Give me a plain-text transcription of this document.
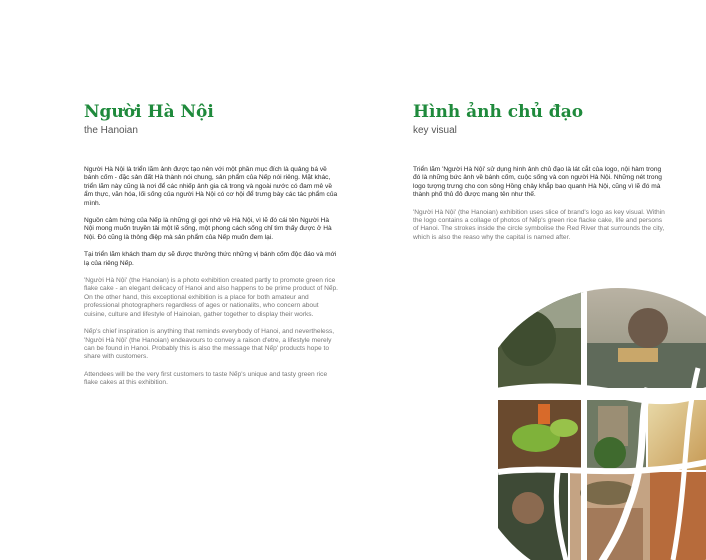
Người Hà Nội
the Hanoian

Người Hà Nội là triển lãm ảnh được tạo nên với một phần mục đích là quảng bá về bánh cốm - đặc sản đất Hà thành nói chung, sản phẩm của Nếp nói riêng. Mặt khác, triển lãm này cũng là nơi để các nhiếp ảnh gia cả trong và ngoài nước có đam mê về ẩm thực, văn hóa, lối sống của người Hà Nội có cơ hội để trưng bày các tác phẩm của mình.

Nguồn cảm hứng của Nếp là những gì gợi nhớ về Hà Nội, vì lẽ đó cái tên Người Hà Nội mong muốn truyền tải một lẽ sống, một phong cách sống chỉ tìm thấy được ở Hà Nội. Đó cũng là thông điệp mà sản phẩm của Nếp muốn đem lại.

Tại triển lãm khách tham dự sẽ được thưởng thức những vị bánh cốm độc đáo và mới lạ của riêng Nếp.

'Người Hà Nội' (the Hanoian) is a photo exhibition created partly to promote green rice flake cake - an elegant delicacy of Hanoi and also happens to be prime product of Nếp. On the other hand, this exceptional exhibition is a place for both amateur and professional photographers regardless of ages or nationalits, who concern about cuisine, culture and lifestyle of Hainoian, gather together to display their works.

Nếp's chief inspiration is anything that reminds everybody of Hanoi, and nevertheless, 'Người Hà Nội' (the Hanoian) endeavours to convey a raison d'etre, a lifestyle merely can be found in Hanoi. Probably this is also the message that Nếp' products hope to share with customers.

Attendees will be the very first customers to taste Nếp's unique and tasty green rice flake cakes at this exhibition.

Hình ảnh chủ đạo
key visual

Triển lãm 'Người Hà Nội' sử dụng hình ảnh chủ đạo là lát cắt của logo, nội hàm trong đó là những bức ảnh về bánh cốm, cuộc sống và con người Hà Nội. Những nét trong logo tượng trưng cho con sông Hồng chảy khắp bao quanh Hà Nội, cũng vì lẽ đó mà thành phố thủ đô được mang tên như thế.

'Người Hà Nội' (the Hanoian) exhibition uses slice of brand's logo as key visual. Within the logo contains a collage of photos of Nếp's green rice flacke cake, life and persons of Hanoi. The strokes inside the circle symbolise the Red River that surrounds the city, which is also the reaso why the capital is named after.
